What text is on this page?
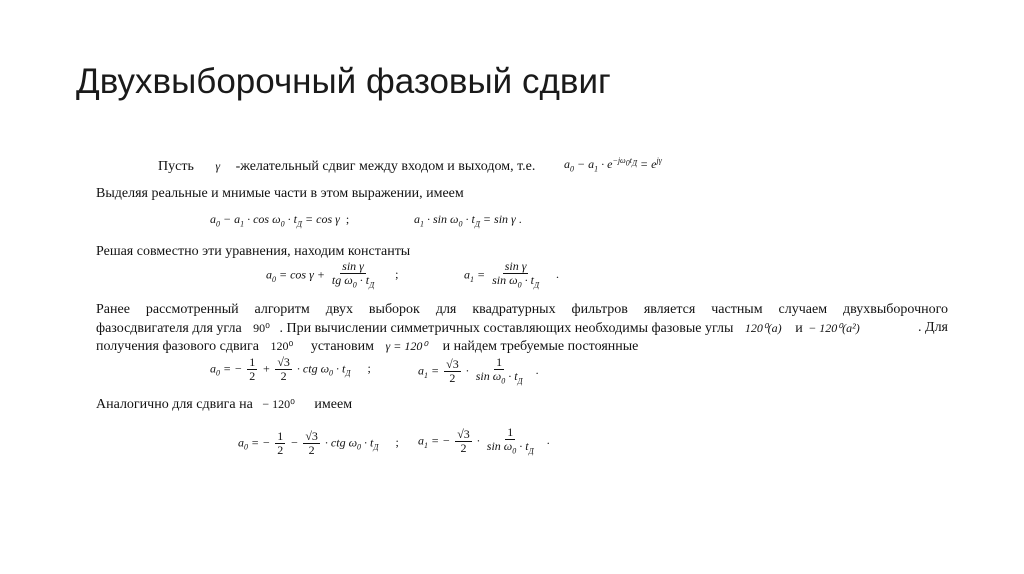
Двухвыборочный фазовый сдвиг
Пусть γ -желательный сдвиг между входом и выходом, т.е. $a_0 - a_1 \cdot e^{-j\omega_0t_Д} = e^{j\gamma}$
Выделяя реальные и мнимые части в этом выражении, имеем
$a_0 - a_1 \cdot \cos \omega_0 \cdot t_Д = \cos \gamma$  ;	$a_1 \cdot \sin \omega_0 \cdot t_Д = \sin \gamma$ .
Решая совместно эти уравнения, находим константы
$a_0 = \cos \gamma + \frac{\text{sin γ}}{tg \omega_0 \cdot t_Д}$ ;	$a_1 = \frac{\text{sin γ}}{\sin \omega_0 \cdot t_Д}$ .
Ранее рассмотренный алгоритм двух выборок для квадратурных фильтров является частным случаем двухвыборочного
фазосдвигателя для угла 90⁰ . При вычислении симметричных составляющих необходимы фазовые углы 120⁰(a) и − 120⁰(a²)	. Для
получения фазового сдвига 120⁰ установим γ = 120⁰ и найдем требуемые постоянные
$a_0$ = − $\frac{1}{2} + \frac{√3}{2}$ · ctg $\omega_0 \cdot t_Д$ ;	$a_1 = \frac{√3}{2} \cdot \frac{1}{\sin \omega_0 \cdot t_Д}$ .
Аналогично для сдвига на − 120⁰ имеем
$a_0$ = − $\frac{1}{2} - \frac{√3}{2}$ · ctg $\omega_0 \cdot t_Д$ ; $a_1$ = − $\frac{√3}{2} \cdot \frac{1}{\sin \omega_0 \cdot t_Д}$ .
